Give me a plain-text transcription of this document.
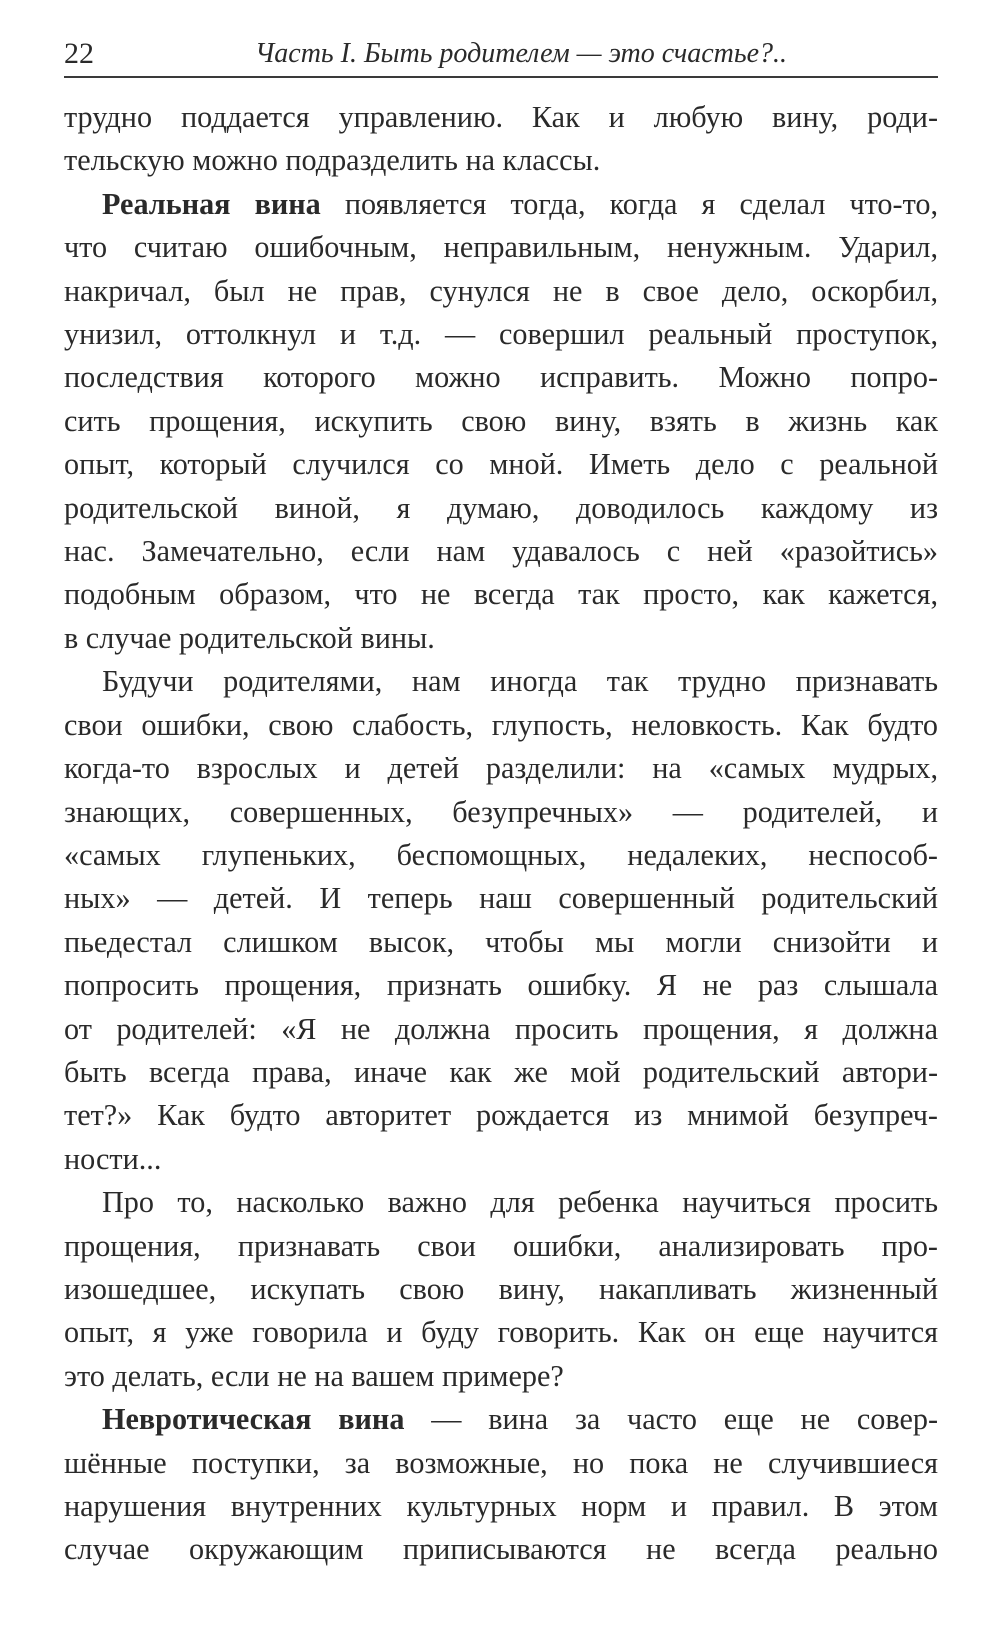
22	Часть I. Быть родителем — это счастье?..
трудно поддается управлению. Как и любую вину, роди-
тельскую можно подразделить на классы.
Реальная вина появляется тогда, когда я сделал что-то,
что считаю ошибочным, неправильным, ненужным. Ударил,
накричал, был не прав, сунулся не в свое дело, оскорбил,
унизил, оттолкнул и т.д. — совершил реальный проступок,
последствия которого можно исправить. Можно попро-
сить прощения, искупить свою вину, взять в жизнь как
опыт, который случился со мной. Иметь дело с реальной
родительской виной, я думаю, доводилось каждому из
нас. Замечательно, если нам удавалось с ней «разойтись»
подобным образом, что не всегда так просто, как кажется,
в случае родительской вины.
Будучи родителями, нам иногда так трудно признавать
свои ошибки, свою слабость, глупость, неловкость. Как будто
когда-то взрослых и детей разделили: на «самых мудрых,
знающих, совершенных, безупречных» — родителей, и
«самых глупеньких, беспомощных, недалеких, неспособ-
ных» — детей. И теперь наш совершенный родительский
пьедестал слишком высок, чтобы мы могли снизойти и
попросить прощения, признать ошибку. Я не раз слышала
от родителей: «Я не должна просить прощения, я должна
быть всегда права, иначе как же мой родительский автори-
тет?» Как будто авторитет рождается из мнимой безупреч-
ности...
Про то, насколько важно для ребенка научиться просить
прощения, признавать свои ошибки, анализировать про-
изошедшее, искупать свою вину, накапливать жизненный
опыт, я уже говорила и буду говорить. Как он еще научится
это делать, если не на вашем примере?
Невротическая вина — вина за часто еще не совер-
шённые поступки, за возможные, но пока не случившиеся
нарушения внутренних культурных норм и правил. В этом
случае окружающим приписываются не всегда реально
